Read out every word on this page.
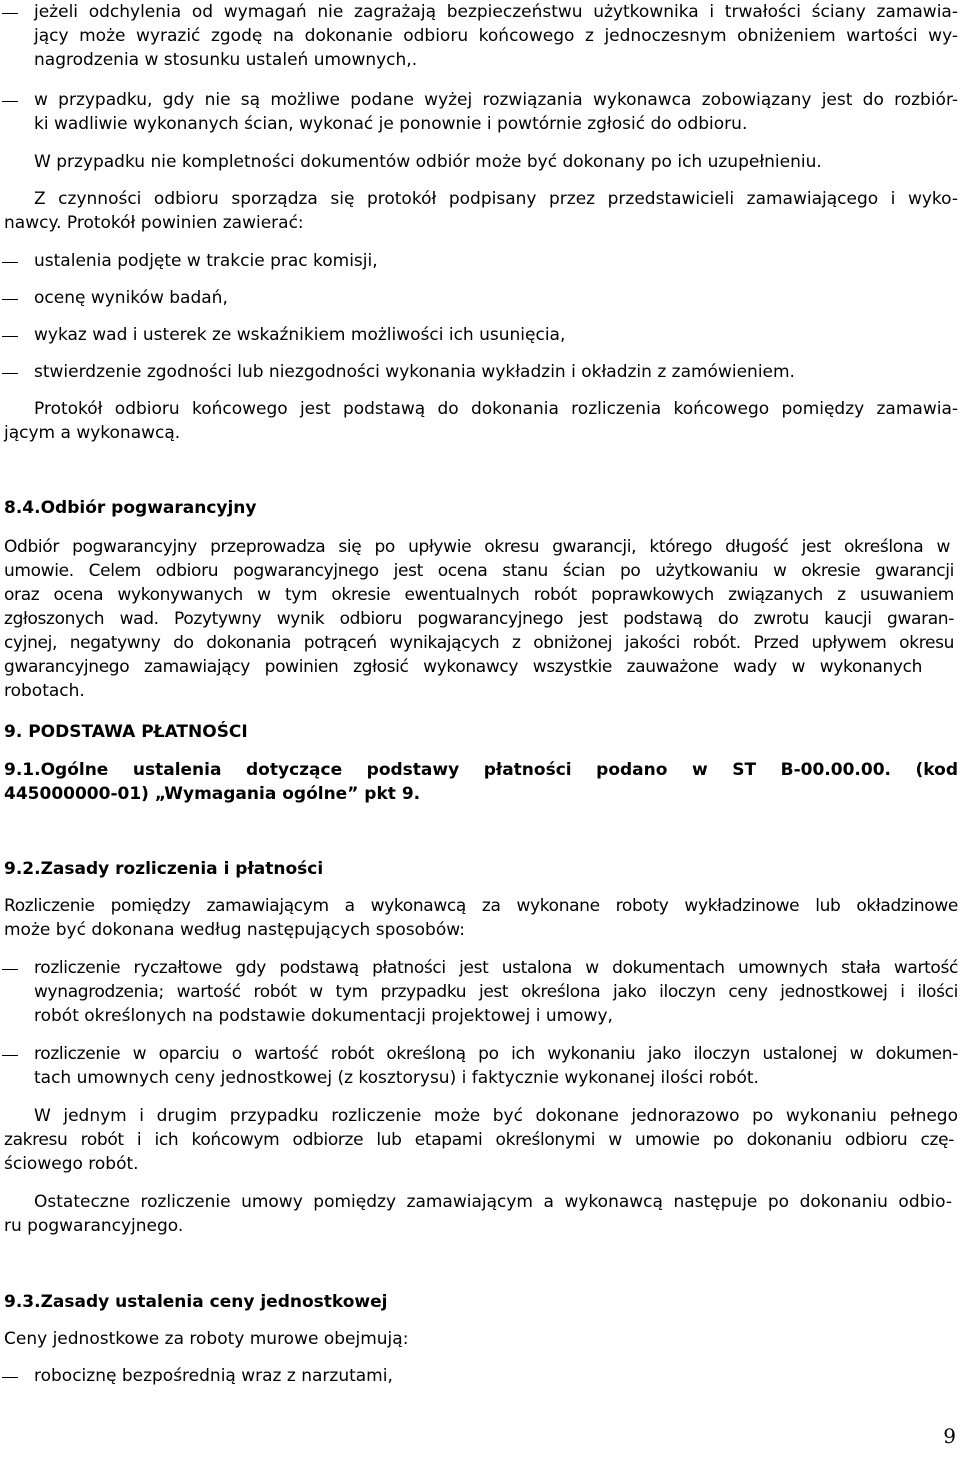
jeżeli odchylenia od wymagań nie zagrażają bezpieczeństwu użytkownika i trwałości ściany zamawia-
jący może wyrazić zgodę na dokonanie odbioru końcowego z jednoczesnym obniżeniem wartości wy-
nagrodzenia w stosunku ustaleń umownych,.
w przypadku, gdy nie są możliwe podane wyżej rozwiązania wykonawca zobowiązany jest do rozbiór-
ki wadliwie wykonanych ścian, wykonać je ponownie i powtórnie zgłosić do odbioru.
W przypadku nie kompletności dokumentów odbiór może być dokonany po ich uzupełnieniu.
Z czynności odbioru sporządza się protokół podpisany przez przedstawicieli zamawiającego i wyko-
nawcy. Protokół powinien zawierać:
ustalenia podjęte w trakcie prac komisji,
ocenę wyników badań,
wykaz wad i usterek ze wskaźnikiem możliwości ich usunięcia,
stwierdzenie zgodności lub niezgodności wykonania wykładzin i okładzin z zamówieniem.
Protokół odbioru końcowego jest podstawą do dokonania rozliczenia końcowego pomiędzy zamawia-
jącym a wykonawcą.
8.4.Odbiór pogwarancyjny
Odbiór pogwarancyjny przeprowadza się po upływie okresu gwarancji, którego długość jest określona w
umowie. Celem odbioru pogwarancyjnego jest ocena stanu ścian po użytkowaniu w okresie gwarancji
oraz ocena wykonywanych w tym okresie ewentualnych robót poprawkowych związanych z usuwaniem
zgłoszonych wad. Pozytywny wynik odbioru pogwarancyjnego jest podstawą do zwrotu kaucji gwaran-
cyjnej, negatywny do dokonania potrąceń wynikających z obniżonej jakości robót. Przed upływem okresu
gwarancyjnego zamawiający powinien zgłosić wykonawcy wszystkie zauważone wady w wykonanych
robotach.
9. PODSTAWA PŁATNOŚCI
9.1.Ogólne ustalenia dotyczące podstawy płatności podano w ST B-00.00.00. (kod
445000000-01) „Wymagania ogólne” pkt 9.
9.2.Zasady rozliczenia i płatności
Rozliczenie pomiędzy zamawiającym a wykonawcą za wykonane roboty wykładzinowe lub okładzinowe
może być dokonana według następujących sposobów:
rozliczenie ryczałtowe gdy podstawą płatności jest ustalona w dokumentach umownych stała wartość
wynagrodzenia; wartość robót w tym przypadku jest określona jako iloczyn ceny jednostkowej i ilości
robót określonych na podstawie dokumentacji projektowej i umowy,
rozliczenie w oparciu o wartość robót określoną po ich wykonaniu jako iloczyn ustalonej w dokumen-
tach umownych ceny jednostkowej (z kosztorysu) i faktycznie wykonanej ilości robót.
W jednym i drugim przypadku rozliczenie może być dokonane jednorazowo po wykonaniu pełnego
zakresu robót i ich końcowym odbiorze lub etapami określonymi w umowie po dokonaniu odbioru czę-
ściowego robót.
Ostateczne rozliczenie umowy pomiędzy zamawiającym a wykonawcą następuje po dokonaniu odbio-
ru pogwarancyjnego.
9.3.Zasady ustalenia ceny jednostkowej
Ceny jednostkowe za roboty murowe obejmują:
robociznę bezpośrednią wraz z narzutami,
9
